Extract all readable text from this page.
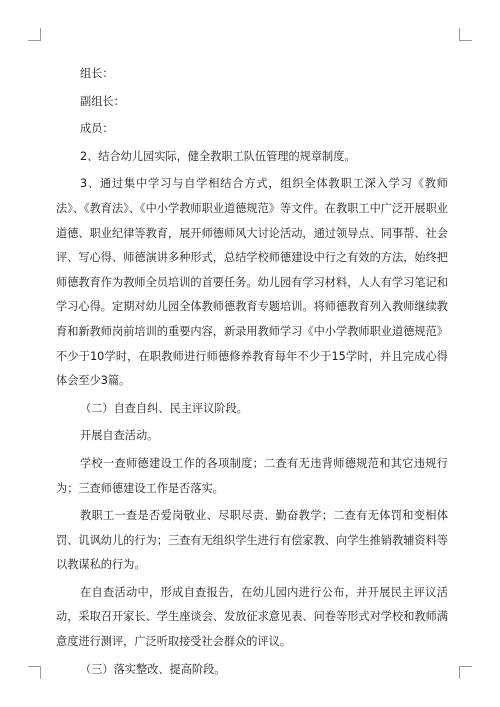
组长：

副组长：

成员：

2、结合幼儿园实际，健全教职工队伍管理的规章制度。

3、通过集中学习与自学相结合方式，组织全体教职工深入学习《教师法》、《教育法》、《中小学教师职业道德规范》等文件。在教职工中广泛开展职业道德、职业纪律等教育，展开师德师风大讨论活动，通过领导点、同事帮、社会评、写心得、师德演讲多种形式，总结学校师德建设中行之有效的方法，始终把师德教育作为教师全员培训的首要任务。幼儿园有学习材料，人人有学习笔记和学习心得。定期对幼儿园全体教师德教育专题培训。将师德教育列入教师继续教育和新教师岗前培训的重要内容，新录用教师学习《中小学教师职业道德规范》不少于10学时，在职教师进行师德修养教育每年不少于15学时，并且完成心得体会至少3篇。

（二）自查自纠、民主评议阶段。

开展自查活动。

学校一查师德建设工作的各项制度；二查有无违背师德规范和其它违规行为；三查师德建设工作是否落实。

教职工一查是否爱岗敬业、尽职尽责、勤奋教学；二查有无体罚和变相体罚、讥讽幼儿的行为；三查有无组织学生进行有偿家教、向学生推销教辅资料等以教谋私的行为。

在自查活动中，形成自查报告，在幼儿园内进行公布，并开展民主评议活动，采取召开家长、学生座谈会、发放征求意见表、问卷等形式对学校和教师满意度进行测评，广泛听取接受社会群众的评议。

（三）落实整改、提高阶段。
